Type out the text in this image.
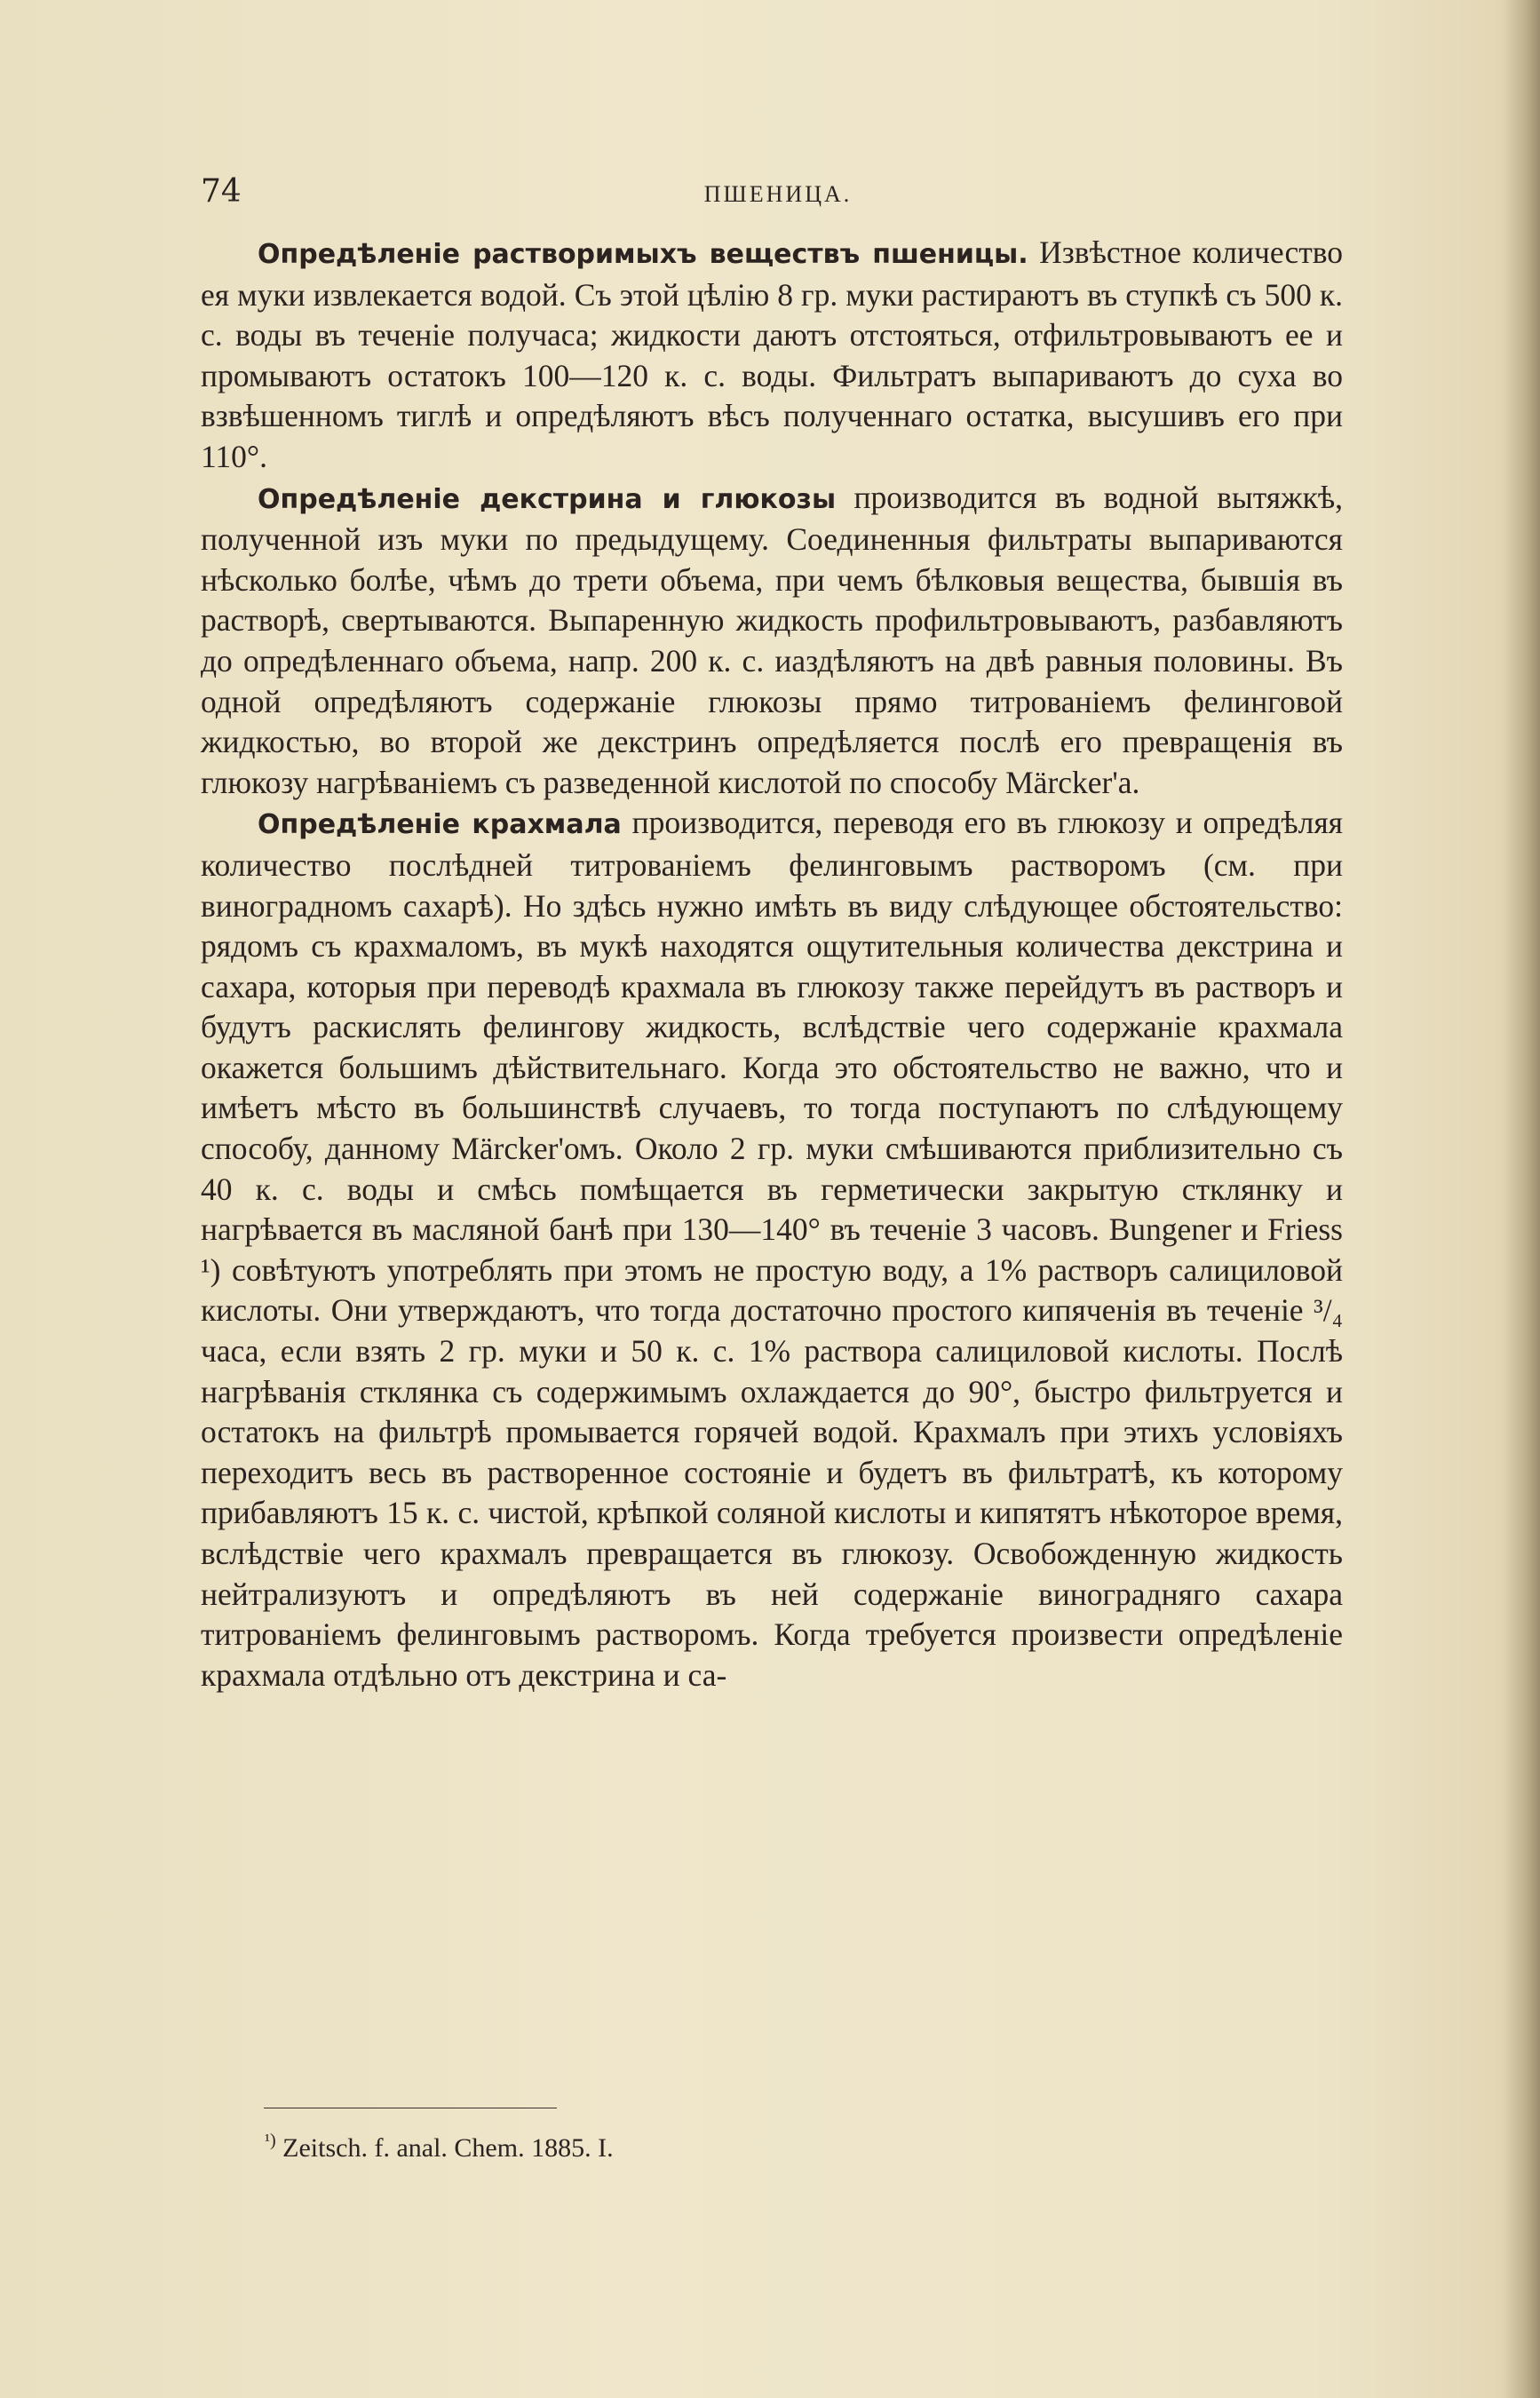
74	ПШЕНИЦА.

Опредѣленіе растворимыхъ веществъ пшеницы. Извѣстное количество ея муки извлекается водой. Съ этой цѣлію 8 гр. муки растираютъ въ ступкѣ съ 500 к. с. воды въ теченіе получаса; жидкости даютъ отстояться, отфильтровываютъ ее и промываютъ остатокъ 100—120 к. с. воды. Фильтратъ выпариваютъ до суха во взвѣшенномъ тиглѣ и опредѣляютъ вѣсъ полученнаго остатка, высушивъ его при 110°.

Опредѣленіе декстрина и глюкозы производится въ водной вытяжкѣ, полученной изъ муки по предыдущему. Соединенныя фильтраты выпариваются нѣсколько болѣе, чѣмъ до трети объема, при чемъ бѣлковыя вещества, бывшія въ растворѣ, свертываются. Выпаренную жидкость профильтровываютъ, разбавляютъ до опредѣленнаго объема, напр. 200 к. с. иаздѣляютъ на двѣ равныя половины. Въ одной опредѣляютъ содержаніе глюкозы прямо титрованіемъ фелинговой жидкостью, во второй же декстринъ опредѣляется послѣ его превращенія въ глюкозу нагрѣваніемъ съ разведенной кислотой по способу Märcker'а.

Опредѣленіе крахмала производится, переводя его въ глюкозу и опредѣляя количество послѣдней титрованіемъ фелинговымъ растворомъ (см. при виноградномъ сахарѣ). Но здѣсь нужно имѣть въ виду слѣдующее обстоятельство: рядомъ съ крахмаломъ, въ мукѣ находятся ощутительныя количества декстрина и сахара, которыя при переводѣ крахмала въ глюкозу также перейдутъ въ растворъ и будутъ раскислять фелингову жидкость, вслѣдствіе чего содержаніе крахмала окажется большимъ дѣйствительнаго. Когда это обстоятельство не важно, что и имѣетъ мѣсто въ большинствѣ случаевъ, то тогда поступаютъ по слѣдующему способу, данному Märcker'омъ. Около 2 гр. муки смѣшиваются приблизительно съ 40 к. с. воды и смѣсь помѣщается въ герметически закрытую стклянку и нагрѣвается въ масляной банѣ при 130—140° въ теченіе 3 часовъ. Bungener и Friess ¹) совѣтуютъ употреблять при этомъ не простую воду, а 1% растворъ салициловой кислоты. Они утверждаютъ, что тогда достаточно простого кипяченія въ теченіе ³/₄ часа, если взять 2 гр. муки и 50 к. с. 1% раствора салициловой кислоты. Послѣ нагрѣванія стклянка съ содержимымъ охлаждается до 90°, быстро фильтруется и остатокъ на фильтрѣ промывается горячей водой. Крахмалъ при этихъ условіяхъ переходитъ весь въ растворенное состояніе и будетъ въ фильтратѣ, къ которому прибавляютъ 15 к. с. чистой, крѣпкой соляной кислоты и кипятятъ нѣкоторое время, вслѣдствіе чего крахмалъ превращается въ глюкозу. Освобожденную жидкость нейтрализуютъ и опредѣляютъ въ ней содержаніе виноградняго сахара титрованіемъ фелинговымъ растворомъ. Когда требуется произвести опредѣленіе крахмала отдѣльно отъ декстрина и са-

$^{^1)}$ Zeitsch. f. anal. Chem. 1885. I.
